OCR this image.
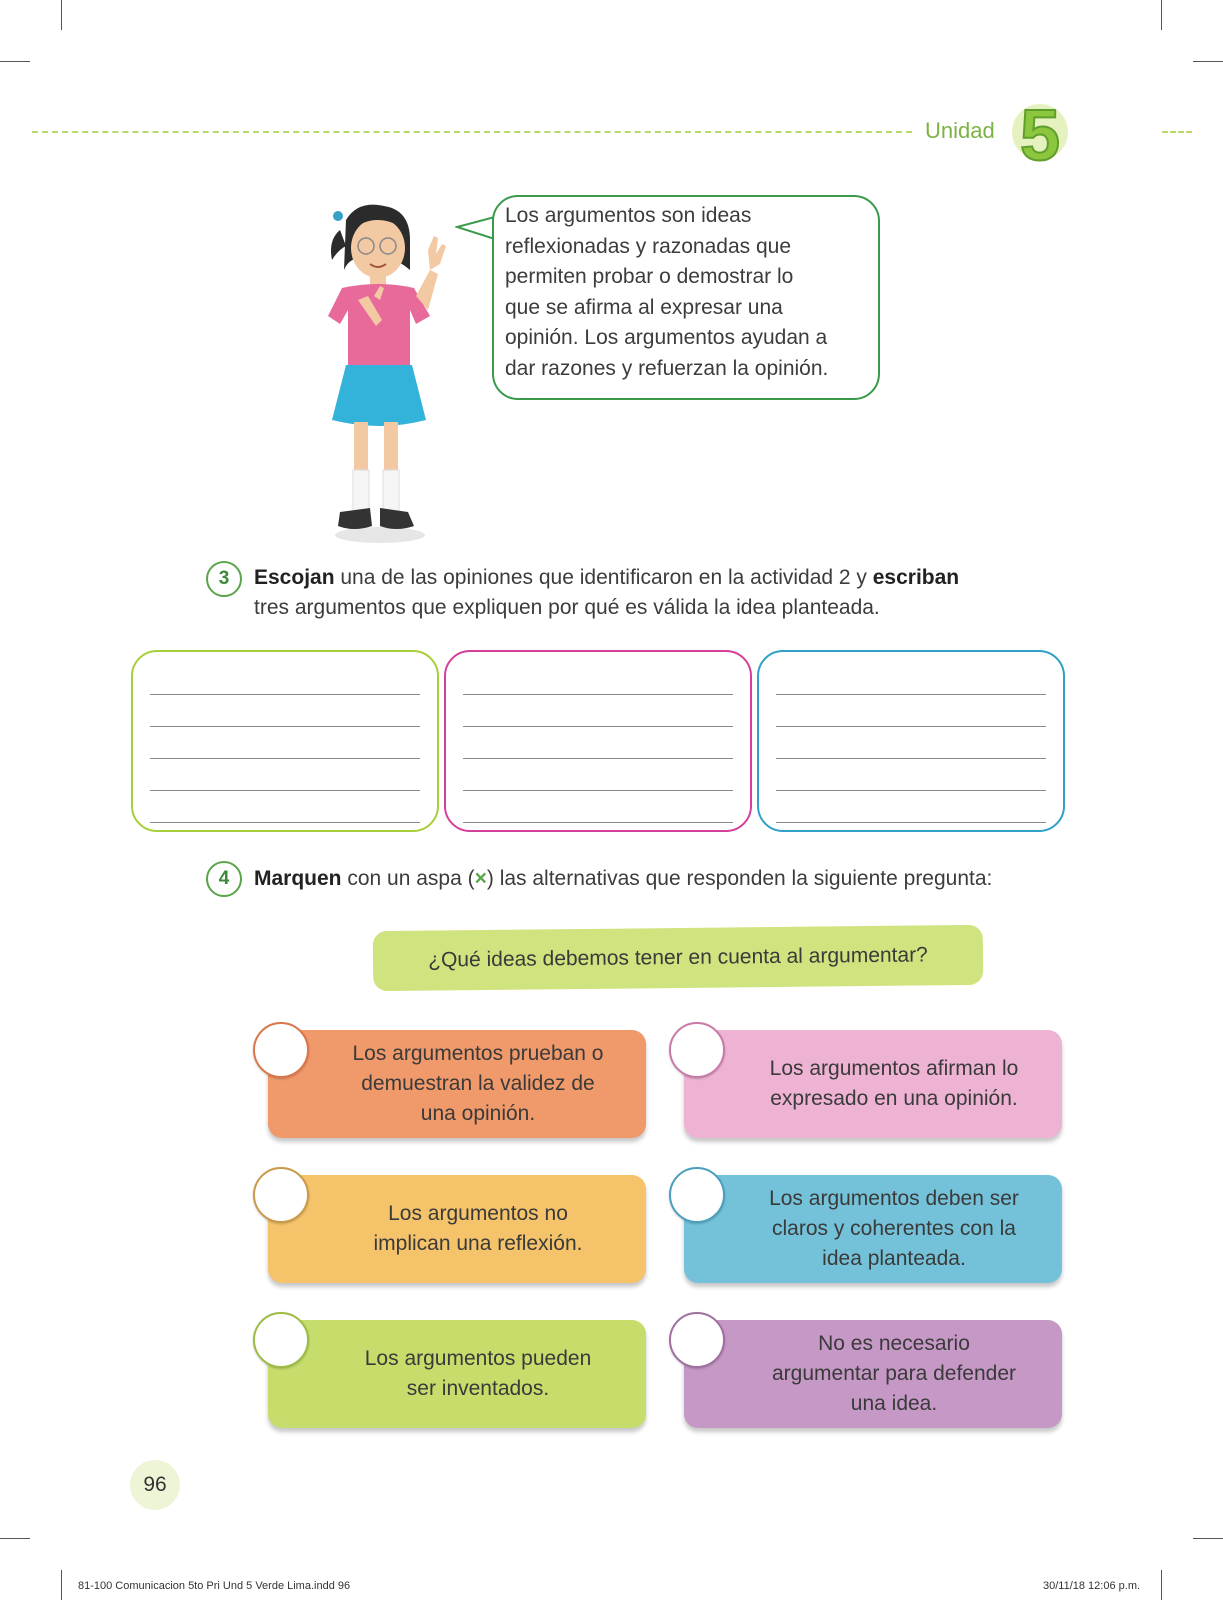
Unidad 5
Los argumentos son ideas
reflexionadas y razonadas que
permiten probar o demostrar lo
que se afirma al expresar una
opinión. Los argumentos ayudan a
dar razones y refuerzan la opinión.
3	Escojan una de las opiniones que identificaron en la actividad 2 y escriban
tres argumentos que expliquen por qué es válida la idea planteada.
4	Marquen con un aspa (×) las alternativas que responden la siguiente pregunta:
¿Qué ideas debemos tener en cuenta al argumentar?
Los argumentos prueban o
demuestran la validez de
una opinión.
Los argumentos afirman lo
expresado en una opinión.
Los argumentos no
implican una reflexión.
Los argumentos deben ser
claros y coherentes con la
idea planteada.
Los argumentos pueden
ser inventados.
No es necesario
argumentar para defender
una idea.
96
81-100 Comunicacion 5to Pri Und 5 Verde Lima.indd 96	30/11/18 12:06 p.m.
